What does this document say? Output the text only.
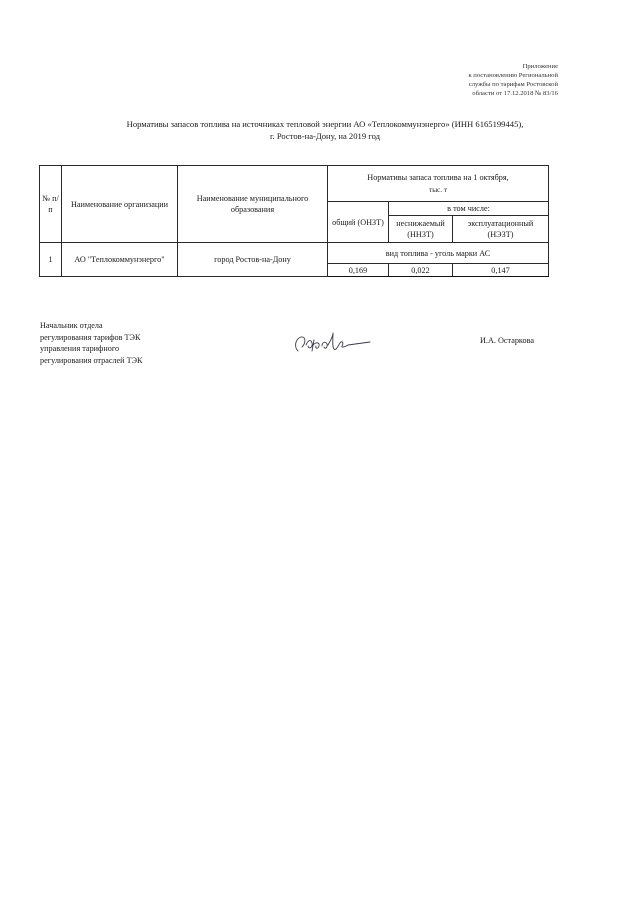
Приложение
к постановлению Региональной
службы по тарифам Ростовской
области от 17.12.2018 № 83/16
Нормативы запасов топлива на источниках тепловой энергии АО «Теплокоммунэнерго» (ИНН 6165199445),
г. Ростов-на-Дону, на 2019 год
№ п/п	Наименование организации	Наименование муниципального образования	Нормативы запаса топлива на 1 октября,
тыс. т		

			общий (ОНЗТ)	в том числе:	
				неснижаемый (ННЗТ)	эксплуатационный (НЭЗТ)
1	АО "Теплокоммунэнерго"	город Ростов-на-Дону	вид топлива - уголь марки АС		
			0,169	0,022	0,147
Начальник отдела
регулирования тарифов ТЭК
управления тарифного
регулирования отраслей ТЭК
И.А. Остаркова
